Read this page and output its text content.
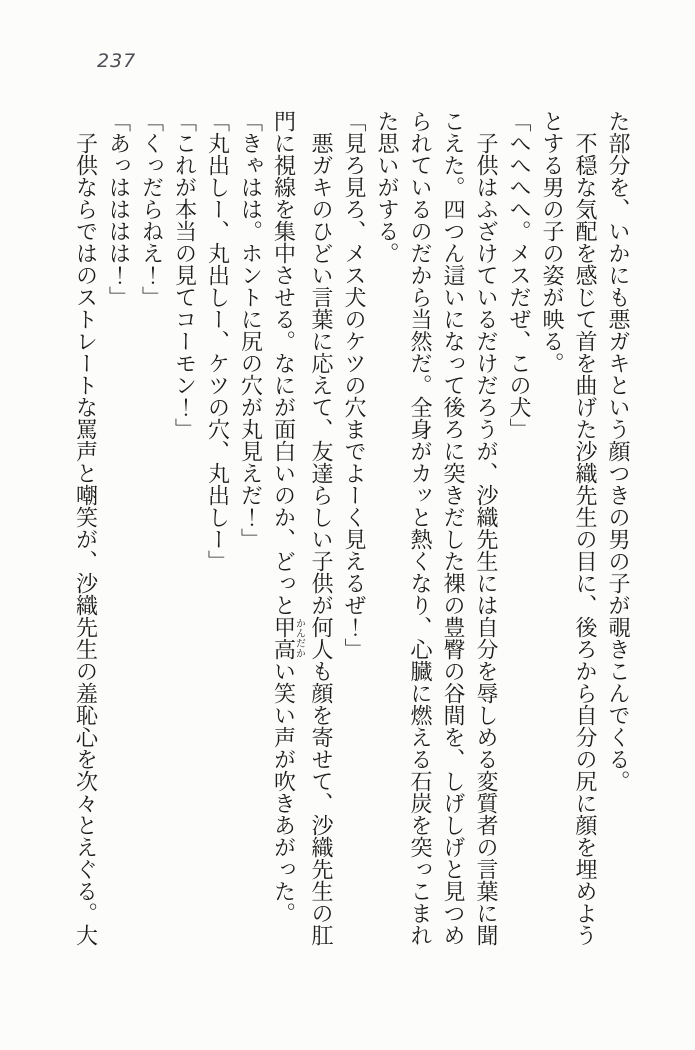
237
た部分を、いかにも悪ガキという顔つきの男の子が覗きこんでくる。
　不穏な気配を感じて首を曲げた沙織先生の目に、後ろから自分の尻に顔を埋めよう
とする男の子の姿が映る。
「へへへへ。メスだぜ、この犬」
　子供はふざけているだけだろうが、沙織先生には自分を辱しめる変質者の言葉に聞
こえた。四つん這いになって後ろに突きだした裸の豊臀の谷間を、しげしげと見つめ
られているのだから当然だ。全身がカッと熱くなり、心臓に燃える石炭を突っこまれ
た思いがする。
「見ろ見ろ、メス犬のケツの穴までよーく見えるぜ！」
　悪ガキのひどい言葉に応えて、友達らしい子供が何人も顔を寄せて、沙織先生の肛
門に視線を集中させる。なにが面白いのか、どっと甲高かんだかい笑い声が吹きあがった。
「きゃはは。ホントに尻の穴が丸見えだ！」
「丸出しー、丸出しー、ケツの穴、丸出しー」
「これが本当の見てコーモン！」
「くっだらねえ！」
「あっはははは！」
　子供ならではのストレートな罵声と嘲笑が、沙織先生の羞恥心を次々とえぐる。大
